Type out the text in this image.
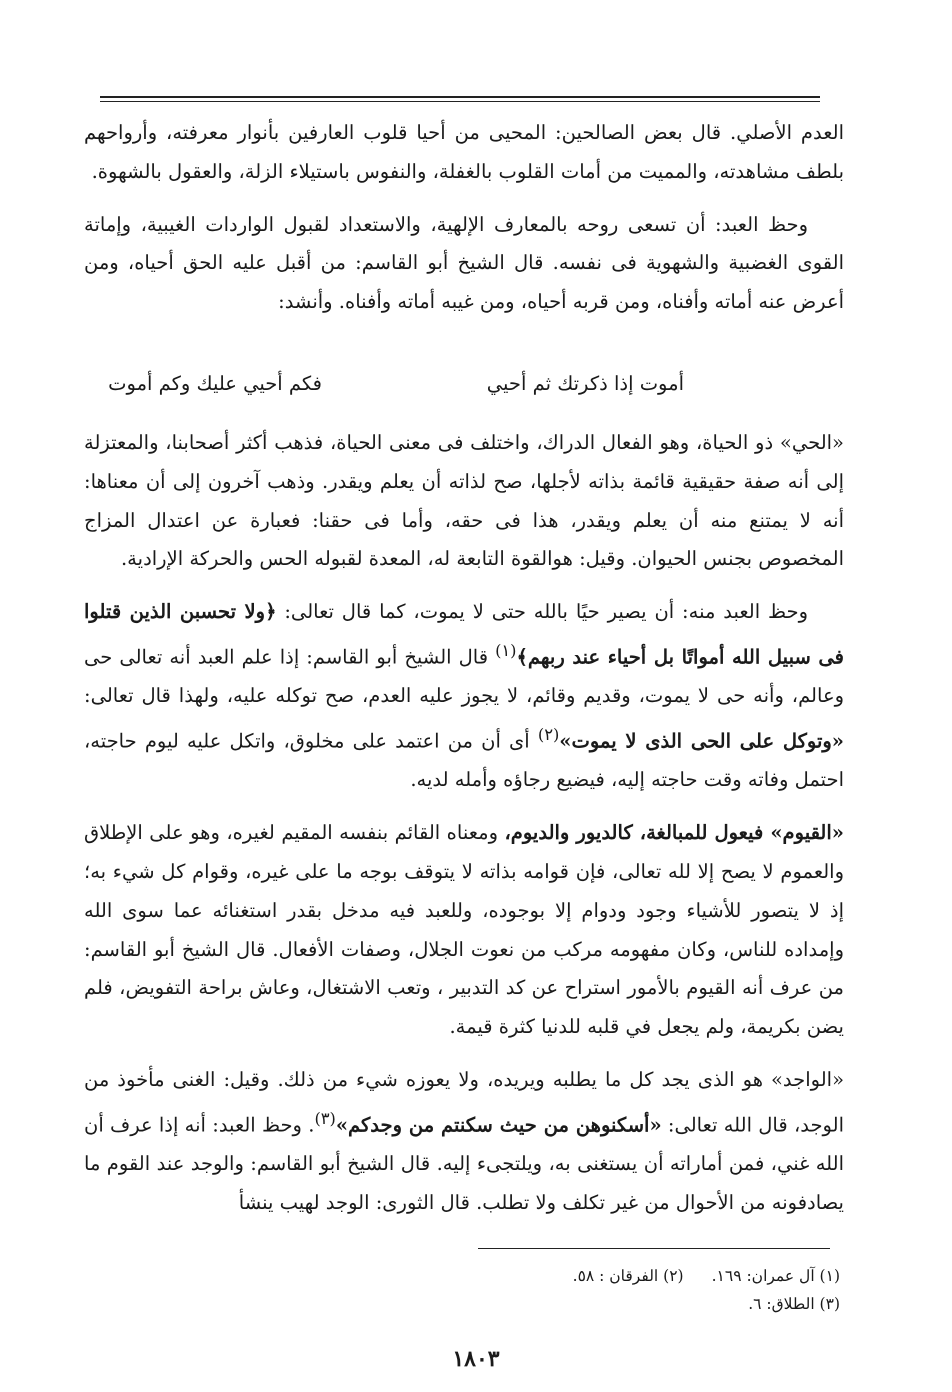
العدم الأصلي. قال بعض الصالحين: المحيى من أحيا قلوب العارفين بأنوار معرفته، وأرواحهم بلطف مشاهدته، والمميت من أمات القلوب بالغفلة، والنفوس باستيلاء الزلة، والعقول بالشهوة.

وحظ العبد: أن تسعى روحه بالمعارف الإلهية، والاستعداد لقبول الواردات الغيبية، وإماتة القوى الغضبية والشهوية فى نفسه. قال الشيخ أبو القاسم: من أقبل عليه الحق أحياه، ومن أعرض عنه أماته وأفناه، ومن قربه أحياه، ومن غيبه أماته وأفناه. وأنشد:

أموت إذا ذكرتك ثم أحيي
فكم أحيي عليك وكم أموت

«الحي» ذو الحياة، وهو الفعال الدراك، واختلف فى معنى الحياة، فذهب أكثر أصحابنا، والمعتزلة إلى أنه صفة حقيقية قائمة بذاته لأجلها، صح لذاته أن يعلم ويقدر. وذهب آخرون إلى أن معناها: أنه لا يمتنع منه أن يعلم ويقدر، هذا فى حقه، وأما فى حقنا: فعبارة عن اعتدال المزاج المخصوص بجنس الحيوان. وقيل: هوالقوة التابعة له، المعدة لقبوله الحس والحركة الإرادية.

وحظ العبد منه: أن يصير حيًا بالله حتى لا يموت، كما قال تعالى: ﴿ولا تحسبن الذين قتلوا فى سبيل الله أمواتًا بل أحياء عند ربهم﴾$^{(١)}$ قال الشيخ أبو القاسم: إذا علم العبد أنه تعالى حى وعالم، وأنه حى لا يموت، وقديم وقائم، لا يجوز عليه العدم، صح توكله عليه، ولهذا قال تعالى: «وتوكل على الحى الذى لا يموت»$^{(٢)}$ أى أن من اعتمد على مخلوق، واتكل عليه ليوم حاجته، احتمل وفاته وقت حاجته إليه، فيضيع رجاؤه وأمله لديه.

«القيوم» فيعول للمبالغة، كالديور والديوم، ومعناه القائم بنفسه المقيم لغيره، وهو على الإطلاق والعموم لا يصح إلا لله تعالى، فإن قوامه بذاته لا يتوقف بوجه ما على غيره، وقوام كل شيء به؛ إذ لا يتصور للأشياء وجود ودوام إلا بوجوده، وللعبد فيه مدخل بقدر استغنائه عما سوى الله وإمداده للناس، وكان مفهومه مركب من نعوت الجلال، وصفات الأفعال. قال الشيخ أبو القاسم: من عرف أنه القيوم بالأمور استراح عن كد التدبير ، وتعب الاشتغال، وعاش براحة التفويض، فلم يضن بكريمة، ولم يجعل في قلبه للدنيا كثرة قيمة.

«الواجد» هو الذى يجد كل ما يطلبه ويريده، ولا يعوزه شيء من ذلك. وقيل: الغنى مأخوذ من الوجد، قال الله تعالى: «أسكنوهن من حيث سكنتم من وجدكم»$^{(٣)}$. وحظ العبد: أنه إذا عرف أن الله غني، فمن أماراته أن يستغنى به، ويلتجىء إليه. قال الشيخ أبو القاسم: والوجد عند القوم ما يصادفونه من الأحوال من غير تكلف ولا تطلب. قال الثورى: الوجد لهيب ينشأ

(١) آل عمران: ١٦٩.(٢) الفرقان : ٥٨.
(٣) الطلاق: ٦.
١٨٠٣
